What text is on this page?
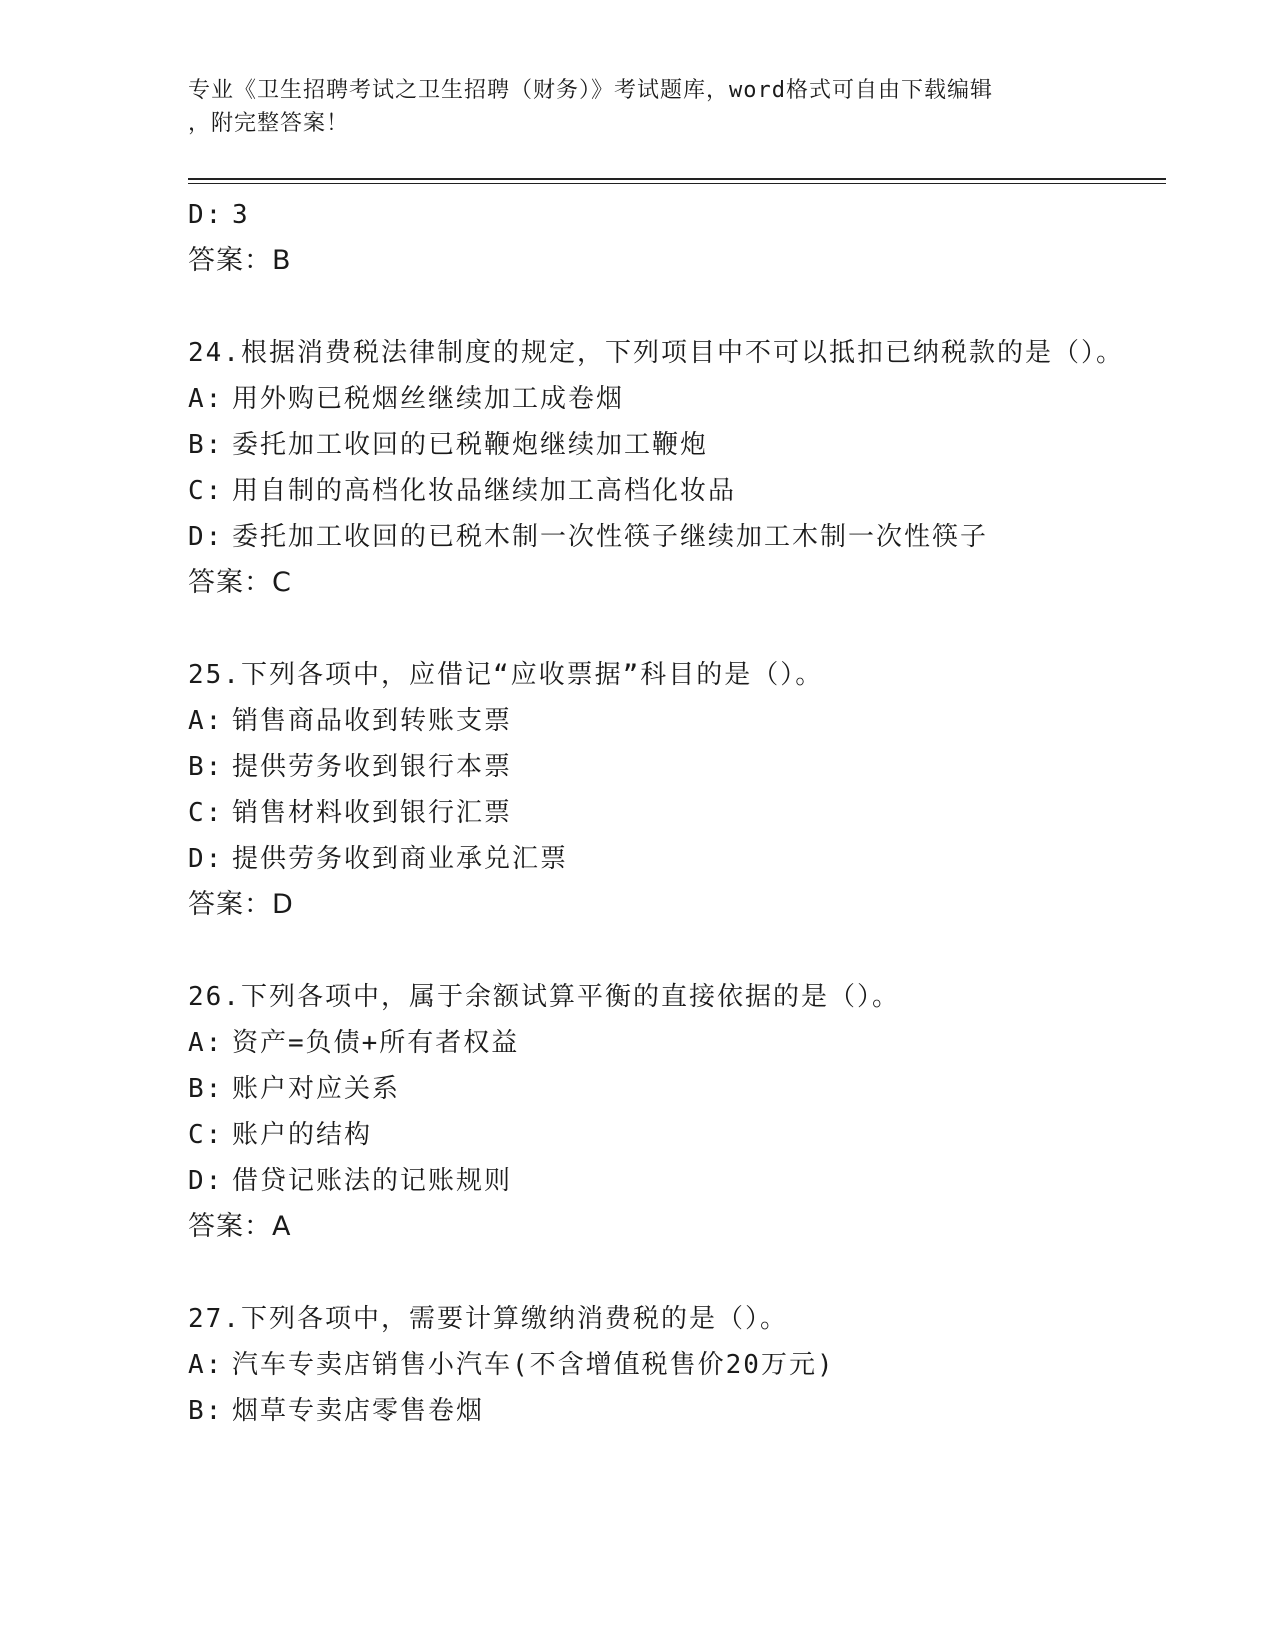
专业《卫生招聘考试之卫生招聘（财务）》考试题库，word格式可自由下载编辑
，附完整答案！
D: 3
答案：B
24.根据消费税法律制度的规定，下列项目中不可以抵扣已纳税款的是（）。
A: 用外购已税烟丝继续加工成卷烟
B: 委托加工收回的已税鞭炮继续加工鞭炮
C: 用自制的高档化妆品继续加工高档化妆品
D: 委托加工收回的已税木制一次性筷子继续加工木制一次性筷子
答案：C
25.下列各项中，应借记“应收票据”科目的是（）。
A: 销售商品收到转账支票
B: 提供劳务收到银行本票
C: 销售材料收到银行汇票
D: 提供劳务收到商业承兑汇票
答案：D
26.下列各项中，属于余额试算平衡的直接依据的是（）。
A: 资产=负债+所有者权益
B: 账户对应关系
C: 账户的结构
D: 借贷记账法的记账规则
答案：A
27.下列各项中，需要计算缴纳消费税的是（）。
A: 汽车专卖店销售小汽车(不含增值税售价20万元)
B: 烟草专卖店零售卷烟
